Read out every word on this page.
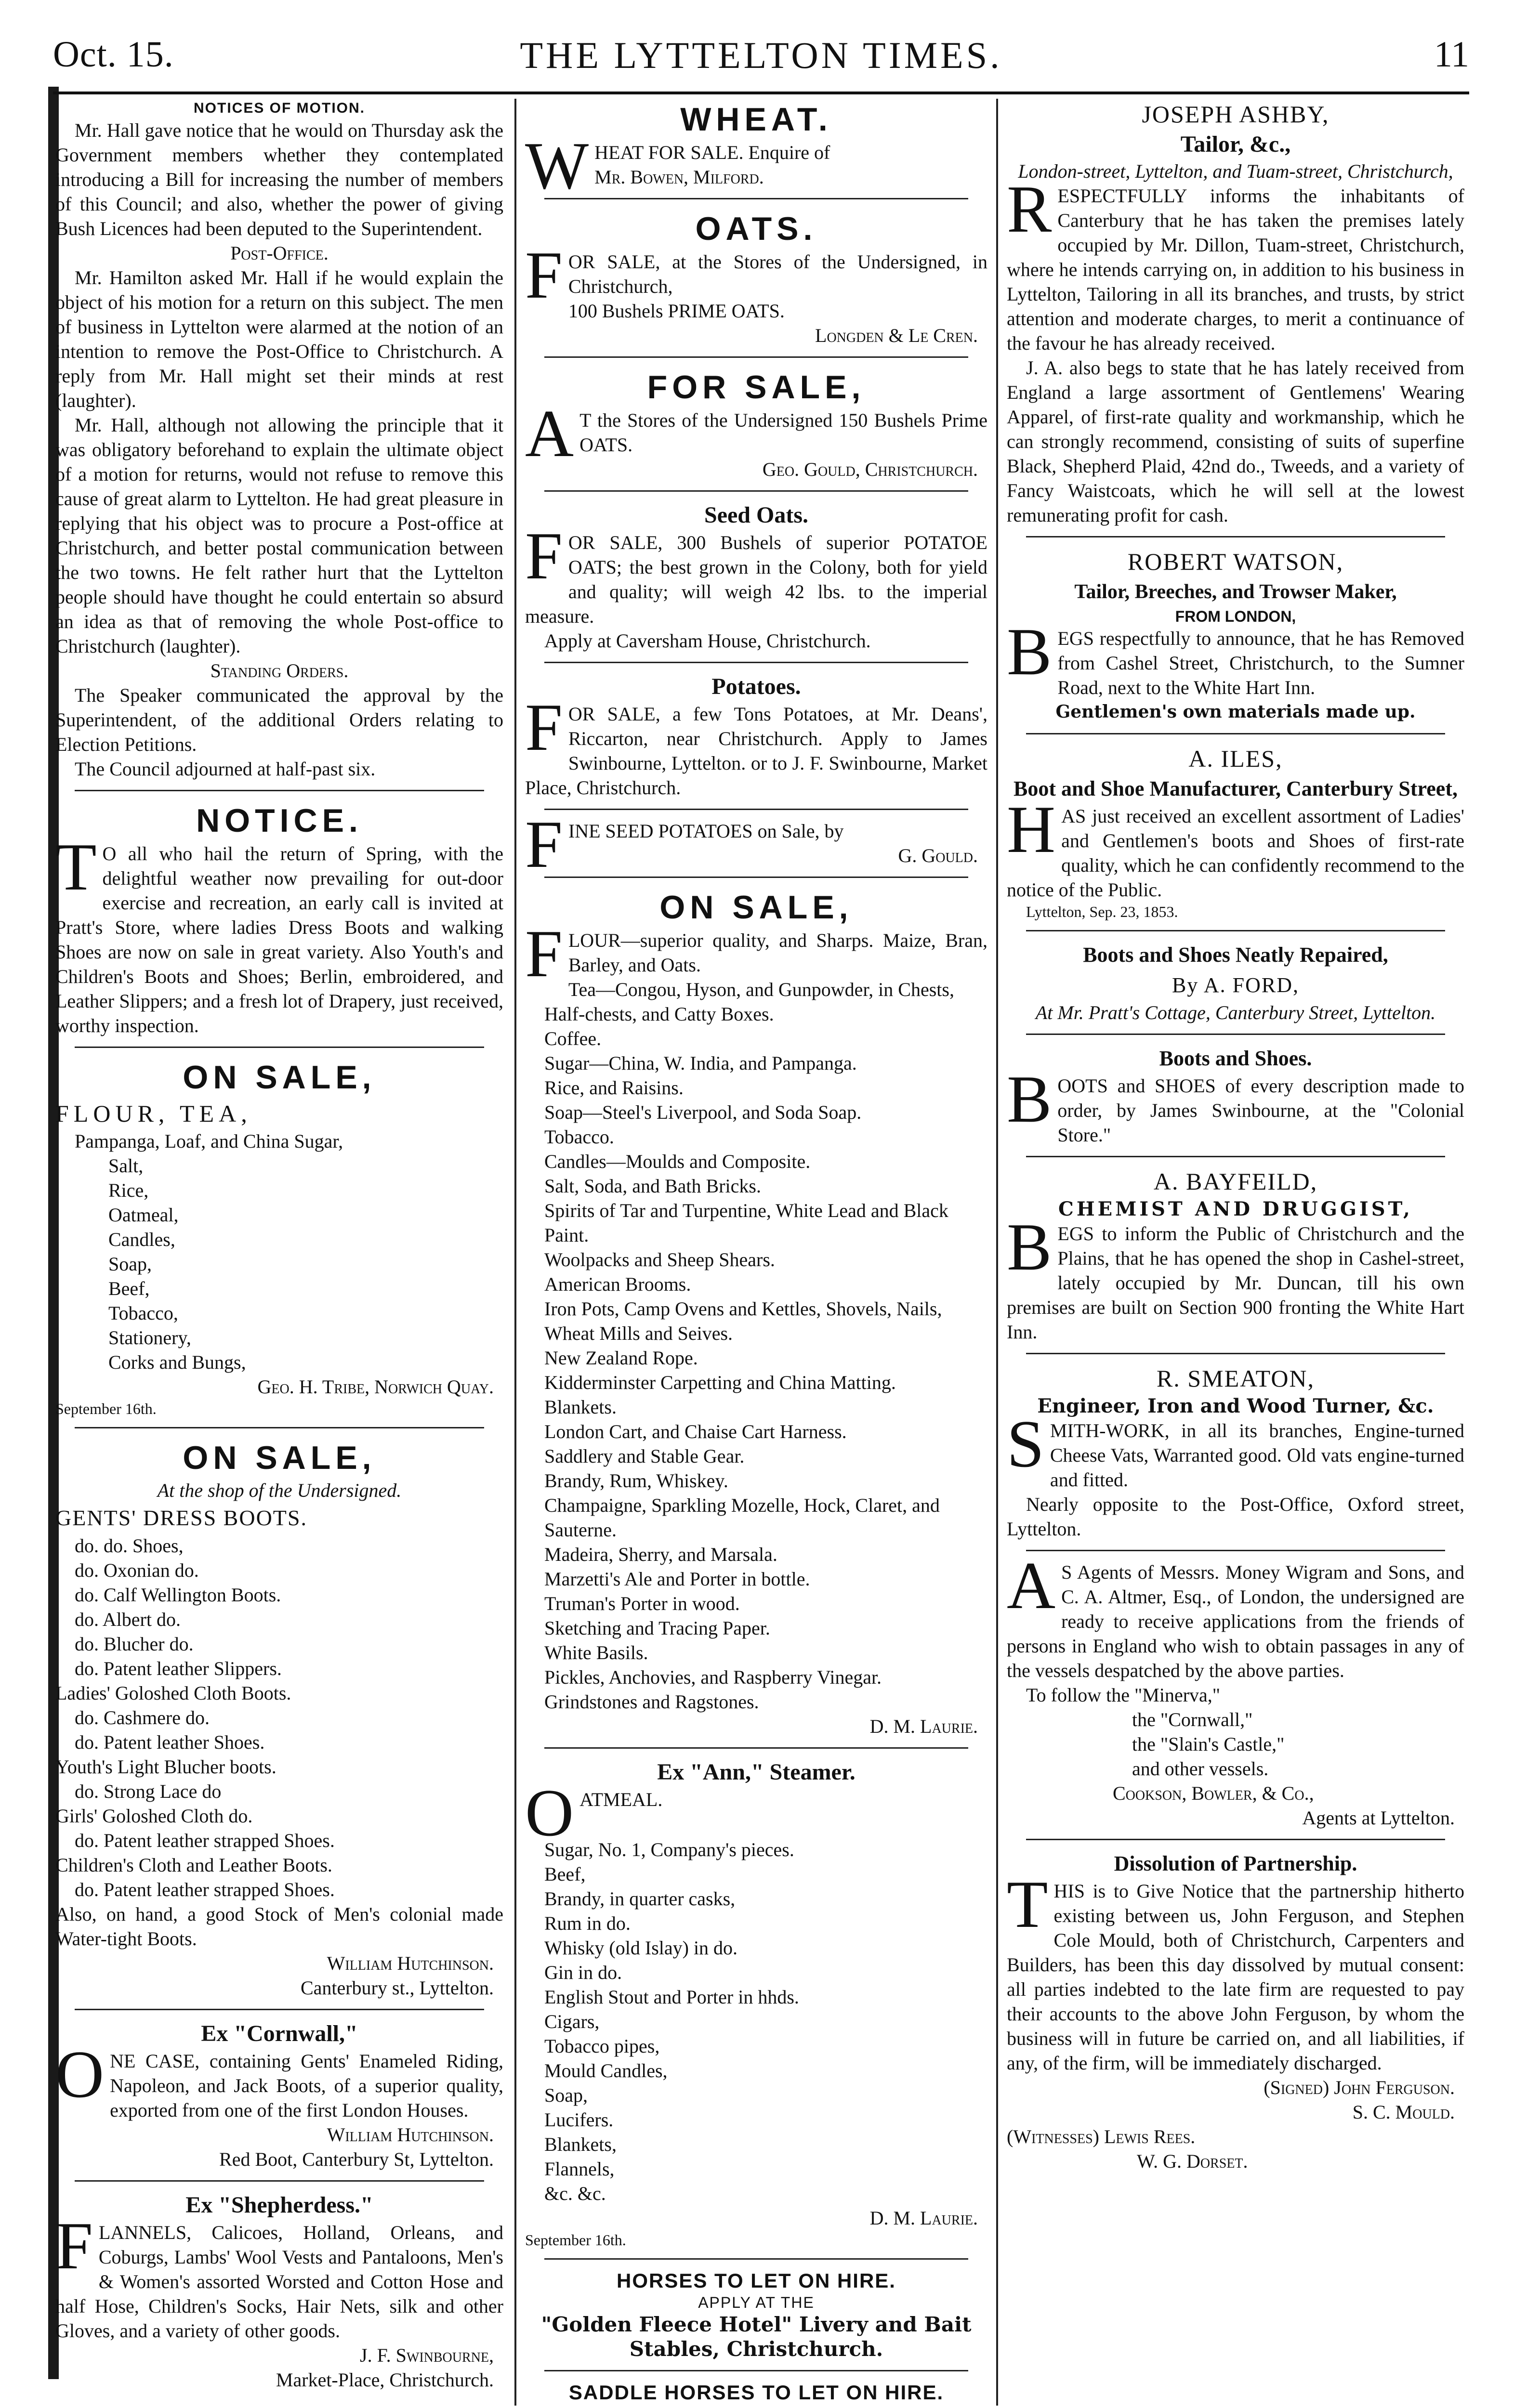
Oct. 15.	THE LYTTELTON TIMES.	11
NOTICES OF MOTION.
Mr. Hall gave notice that he would on Thursday ask the Government members whether they contemplated introducing a Bill for increasing the number of members of this Council; and also, whether the power of giving Bush Licences had been deputed to the Superintendent.
Post-Office.
Mr. Hamilton asked Mr. Hall if he would explain the object of his motion for a return on this subject. The men of business in Lyttelton were alarmed at the notion of an intention to remove the Post-Office to Christchurch. A reply from Mr. Hall might set their minds at rest (laughter).
Mr. Hall, although not allowing the principle that it was obligatory beforehand to explain the ultimate object of a motion for returns, would not refuse to remove this cause of great alarm to Lyttelton. He had great pleasure in replying that his object was to procure a Post-office at Christchurch, and better postal communication between the two towns. He felt rather hurt that the Lyttelton people should have thought he could entertain so absurd an idea as that of removing the whole Post-office to Christchurch (laughter).
Standing Orders.
The Speaker communicated the approval by the Superintendent, of the additional Orders relating to Election Petitions.
The Council adjourned at half-past six.
NOTICE.
TO all who hail the return of Spring, with the delightful weather now prevailing for out-door exercise and recreation, an early call is invited at Pratt's Store, where ladies Dress Boots and walking Shoes are now on sale in great variety. Also Youth's and Children's Boots and Shoes; Berlin, embroidered, and Leather Slippers; and a fresh lot of Drapery, just received, worthy inspection.
ON SALE,
FLOUR, TEA,
Pampanga, Loaf, and China Sugar,
Salt,
Rice,
Oatmeal,
Candles,
Soap,
Beef,
Tobacco,
Stationery,
Corks and Bungs,
Geo. H. Tribe, Norwich Quay.
September 16th.
ON SALE,
At the shop of the Undersigned.
GENTS' DRESS BOOTS.
do. do. Shoes,
do. Oxonian do.
do. Calf Wellington Boots.
do. Albert do.
do. Blucher do.
do. Patent leather Slippers.
Ladies' Goloshed Cloth Boots.
do. Cashmere do.
do. Patent leather Shoes.
Youth's Light Blucher boots.
do. Strong Lace do
Girls' Goloshed Cloth do.
do. Patent leather strapped Shoes.
Children's Cloth and Leather Boots.
do. Patent leather strapped Shoes.
Also, on hand, a good Stock of Men's colonial made Water-tight Boots.
William Hutchinson.
Canterbury st., Lyttelton.
Ex "Cornwall,"
ONE CASE, containing Gents' Enameled Riding, Napoleon, and Jack Boots, of a superior quality, exported from one of the first London Houses.
William Hutchinson.
Red Boot, Canterbury St, Lyttelton.
Ex "Shepherdess."
FLANNELS, Calicoes, Holland, Orleans, and Coburgs, Lambs' Wool Vests and Pantaloons, Men's & Women's assorted Worsted and Cotton Hose and half Hose, Children's Socks, Hair Nets, silk and other Gloves, and a variety of other goods.
J. F. Swinbourne,
Market-Place, Christchurch.
WHEAT.
WHEAT FOR SALE. Enquire of
Mr. Bowen, Milford.
OATS.
FOR SALE, at the Stores of the Undersigned, in Christchurch,
100 Bushels PRIME OATS.
Longden & Le Cren.
FOR SALE,
AT the Stores of the Undersigned 150 Bushels Prime OATS.
Geo. Gould, Christchurch.
Seed Oats.
FOR SALE, 300 Bushels of superior POTATOE OATS; the best grown in the Colony, both for yield and quality; will weigh 42 lbs. to the imperial measure.
Apply at Caversham House, Christchurch.
Potatoes.
FOR SALE, a few Tons Potatoes, at Mr. Deans', Riccarton, near Christchurch. Apply to James Swinbourne, Lyttelton. or to J. F. Swinbourne, Market Place, Christchurch.
FINE SEED POTATOES on Sale, by
G. Gould.
ON SALE,
FLOUR—superior quality, and Sharps. Maize, Bran, Barley, and Oats.
Tea—Congou, Hyson, and Gunpowder, in Chests, Half-chests, and Catty Boxes.
Coffee.
Sugar—China, W. India, and Pampanga.
Rice, and Raisins.
Soap—Steel's Liverpool, and Soda Soap.
Tobacco.
Candles—Moulds and Composite.
Salt, Soda, and Bath Bricks.
Spirits of Tar and Turpentine, White Lead and Black Paint.
Woolpacks and Sheep Shears.
American Brooms.
Iron Pots, Camp Ovens and Kettles, Shovels, Nails, Wheat Mills and Seives.
New Zealand Rope.
Kidderminster Carpetting and China Matting.
Blankets.
London Cart, and Chaise Cart Harness.
Saddlery and Stable Gear.
Brandy, Rum, Whiskey.
Champaigne, Sparkling Mozelle, Hock, Claret, and Sauterne.
Madeira, Sherry, and Marsala.
Marzetti's Ale and Porter in bottle.
Truman's Porter in wood.
Sketching and Tracing Paper.
White Basils.
Pickles, Anchovies, and Raspberry Vinegar.
Grindstones and Ragstones.
D. M. Laurie.
Ex "Ann," Steamer.
OATMEAL.
Sugar, No. 1, Company's pieces.
Beef,
Brandy, in quarter casks,
Rum in do.
Whisky (old Islay) in do.
Gin in do.
English Stout and Porter in hhds.
Cigars,
Tobacco pipes,
Mould Candles,
Soap,
Lucifers.
Blankets,
Flannels,
&c. &c.
D. M. Laurie.
September 16th.
HORSES TO LET ON HIRE.
APPLY AT THE
"Golden Fleece Hotel" Livery and Bait Stables, Christchurch.
SADDLE HORSES TO LET ON HIRE.
JOSEPH ASHBY,
Tailor, &c.,
London-street, Lyttelton, and Tuam-street, Christchurch,
RESPECTFULLY informs the inhabitants of Canterbury that he has taken the premises lately occupied by Mr. Dillon, Tuam-street, Christchurch, where he intends carrying on, in addition to his business in Lyttelton, Tailoring in all its branches, and trusts, by strict attention and moderate charges, to merit a continuance of the favour he has already received.
J. A. also begs to state that he has lately received from England a large assortment of Gentlemens' Wearing Apparel, of first-rate quality and workmanship, which he can strongly recommend, consisting of suits of superfine Black, Shepherd Plaid, 42nd do., Tweeds, and a variety of Fancy Waistcoats, which he will sell at the lowest remunerating profit for cash.
ROBERT WATSON,
Tailor, Breeches, and Trowser Maker,
FROM LONDON,
BEGS respectfully to announce, that he has Removed from Cashel Street, Christchurch, to the Sumner Road, next to the White Hart Inn.
Gentlemen's own materials made up.
A. ILES,
Boot and Shoe Manufacturer, Canterbury Street,
HAS just received an excellent assortment of Ladies' and Gentlemen's boots and Shoes of first-rate quality, which he can confidently recommend to the notice of the Public.
Lyttelton, Sep. 23, 1853.
Boots and Shoes Neatly Repaired,
By A. FORD,
At Mr. Pratt's Cottage, Canterbury Street, Lyttelton.
Boots and Shoes.
BOOTS and SHOES of every description made to order, by James Swinbourne, at the "Colonial Store."
A. BAYFEILD,
CHEMIST AND DRUGGIST,
BEGS to inform the Public of Christchurch and the Plains, that he has opened the shop in Cashel-street, lately occupied by Mr. Duncan, till his own premises are built on Section 900 fronting the White Hart Inn.
R. SMEATON,
Engineer, Iron and Wood Turner, &c.
SMITH-WORK, in all its branches, Engine-turned Cheese Vats, Warranted good. Old vats engine-turned and fitted.
Nearly opposite to the Post-Office, Oxford street, Lyttelton.
AS Agents of Messrs. Money Wigram and Sons, and C. A. Altmer, Esq., of London, the undersigned are ready to receive applications from the friends of persons in England who wish to obtain passages in any of the vessels despatched by the above parties.
To follow the "Minerva,"
the "Cornwall,"
the "Slain's Castle,"
and other vessels.
Cookson, Bowler, & Co.,
Agents at Lyttelton.
Dissolution of Partnership.
THIS is to Give Notice that the partnership hitherto existing between us, John Ferguson, and Stephen Cole Mould, both of Christchurch, Carpenters and Builders, has been this day dissolved by mutual consent: all parties indebted to the late firm are requested to pay their accounts to the above John Ferguson, by whom the business will in future be carried on, and all liabilities, if any, of the firm, will be immediately discharged.
(Signed) John Ferguson.
S. C. Mould.
(Witnesses) Lewis Rees.
W. G. Dorset.
